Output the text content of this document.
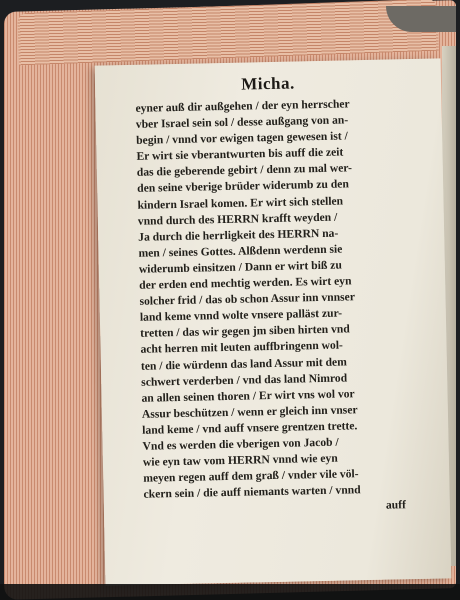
Micha.
eyner auß dir außgehen / der eyn herrscher
vber Israel sein sol / desse außgang von an-
begin / vnnd vor ewigen tagen gewesen ist /
Er wirt sie vberantwurten bis auff die zeit
das die geberende gebirt / denn zu mal wer-
den seine vberige brüder widerumb zu den
kindern Israel komen. Er wirt sich stellen
vnnd durch des HERRN krafft weyden /
Ja durch die herrligkeit des HERRN na-
men / seines Gottes. Alßdenn werdenn sie
widerumb einsitzen / Dann er wirt biß zu
der erden end mechtig werden. Es wirt eyn
solcher frid / das ob schon Assur inn vnnser
land keme vnnd wolte vnsere palläst zur-
tretten / das wir gegen jm siben hirten vnd
acht herren mit leuten auffbringenn wol-
ten / die würdenn das land Assur mit dem
schwert verderben / vnd das land Nimrod
an allen seinen thoren / Er wirt vns wol vor
Assur beschützen / wenn er gleich inn vnser
land keme / vnd auff vnsere grentzen trette.
Vnd es werden die vberigen von Jacob /
wie eyn taw vom HERRN vnnd wie eyn
meyen regen auff dem graß / vnder vile völ-
ckern sein / die auff niemants warten / vnnd
auff
